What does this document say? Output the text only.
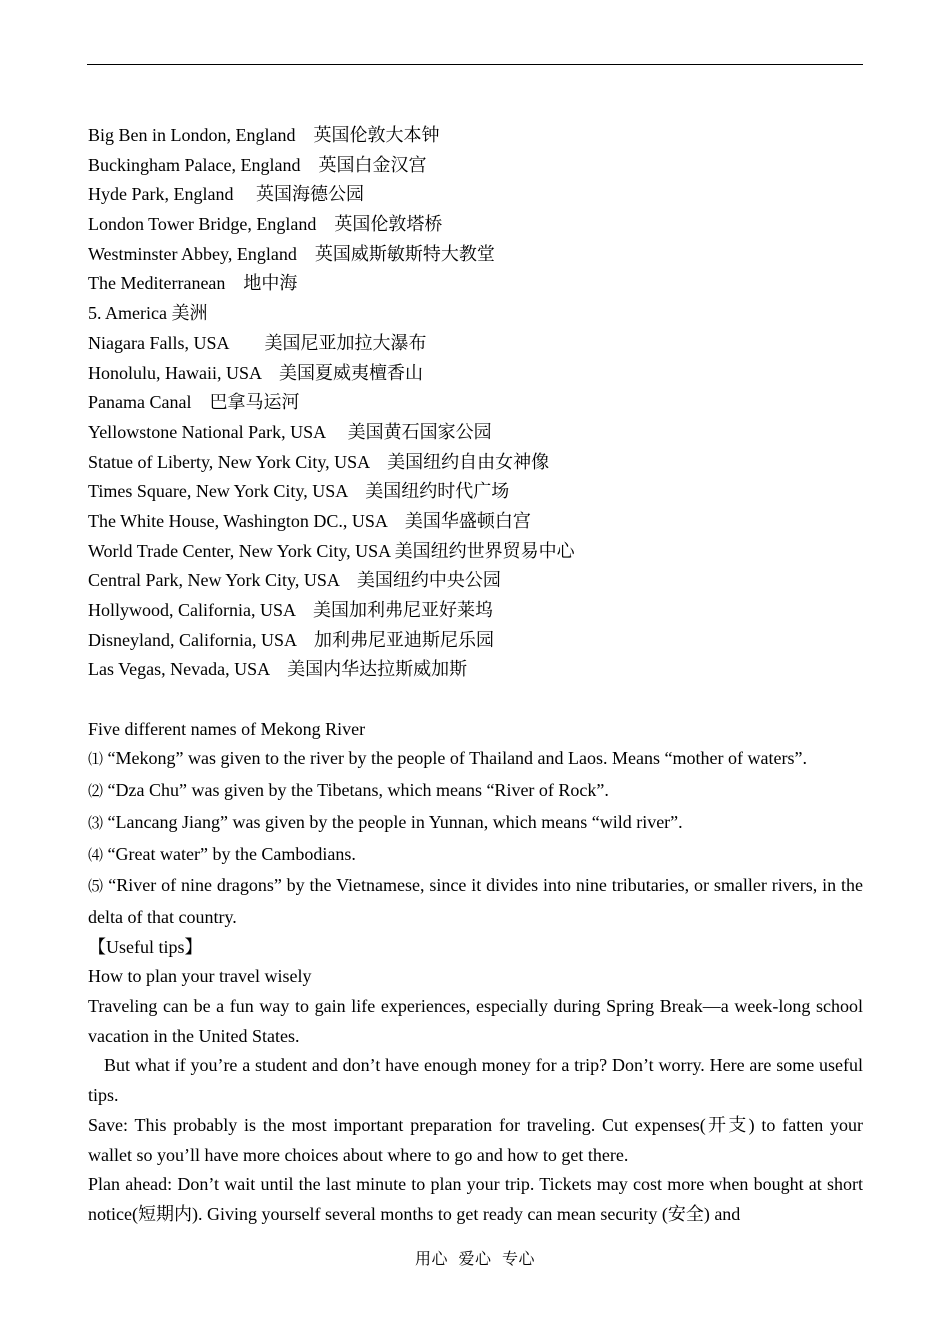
Big Ben in London, England　英国伦敦大本钟
Buckingham Palace, England　英国白金汉宫
Hyde Park, England　 英国海德公园
London Tower Bridge, England　英国伦敦塔桥
Westminster Abbey, England　英国威斯敏斯特大教堂
The Mediterranean　地中海
5. America 美洲
Niagara Falls, USA　　美国尼亚加拉大瀑布
Honolulu, Hawaii, USA　美国夏威夷檀香山
Panama Canal　巴拿马运河
Yellowstone National Park, USA　 美国黄石国家公园
Statue of Liberty, New York City, USA　美国纽约自由女神像
Times Square, New York City, USA　美国纽约时代广场
The White House, Washington DC., USA　美国华盛顿白宫
World Trade Center, New York City, USA 美国纽约世界贸易中心
Central Park, New York City, USA　美国纽约中央公园
Hollywood, California, USA　美国加利弗尼亚好莱坞
Disneyland, California, USA　加利弗尼亚迪斯尼乐园
Las Vegas, Nevada, USA　美国内华达拉斯威加斯
Five different names of Mekong River
⑴ “Mekong” was given to the river by the people of Thailand and Laos. Means “mother of waters”.
⑵ “Dza Chu” was given by the Tibetans, which means “River of Rock”.
⑶ “Lancang Jiang” was given by the people in Yunnan, which means “wild river”.
⑷ “Great water” by the Cambodians.
⑸ “River of nine dragons” by the Vietnamese, since it divides into nine tributaries, or smaller rivers, in the delta of that country.
【Useful tips】
How to plan your travel wisely
Traveling can be a fun way to gain life experiences, especially during Spring Break—a week-long school vacation in the United States.
But what if you’re a student and don’t have enough money for a trip? Don’t worry. Here are some useful tips.
Save: This probably is the most important preparation for traveling. Cut expenses(开支) to fatten your wallet so you’ll have more choices about where to go and how to get there.
Plan ahead: Don’t wait until the last minute to plan your trip. Tickets may cost more when bought at short notice(短期内). Giving yourself several months to get ready can mean security (安全) and
用心 爱心 专心
